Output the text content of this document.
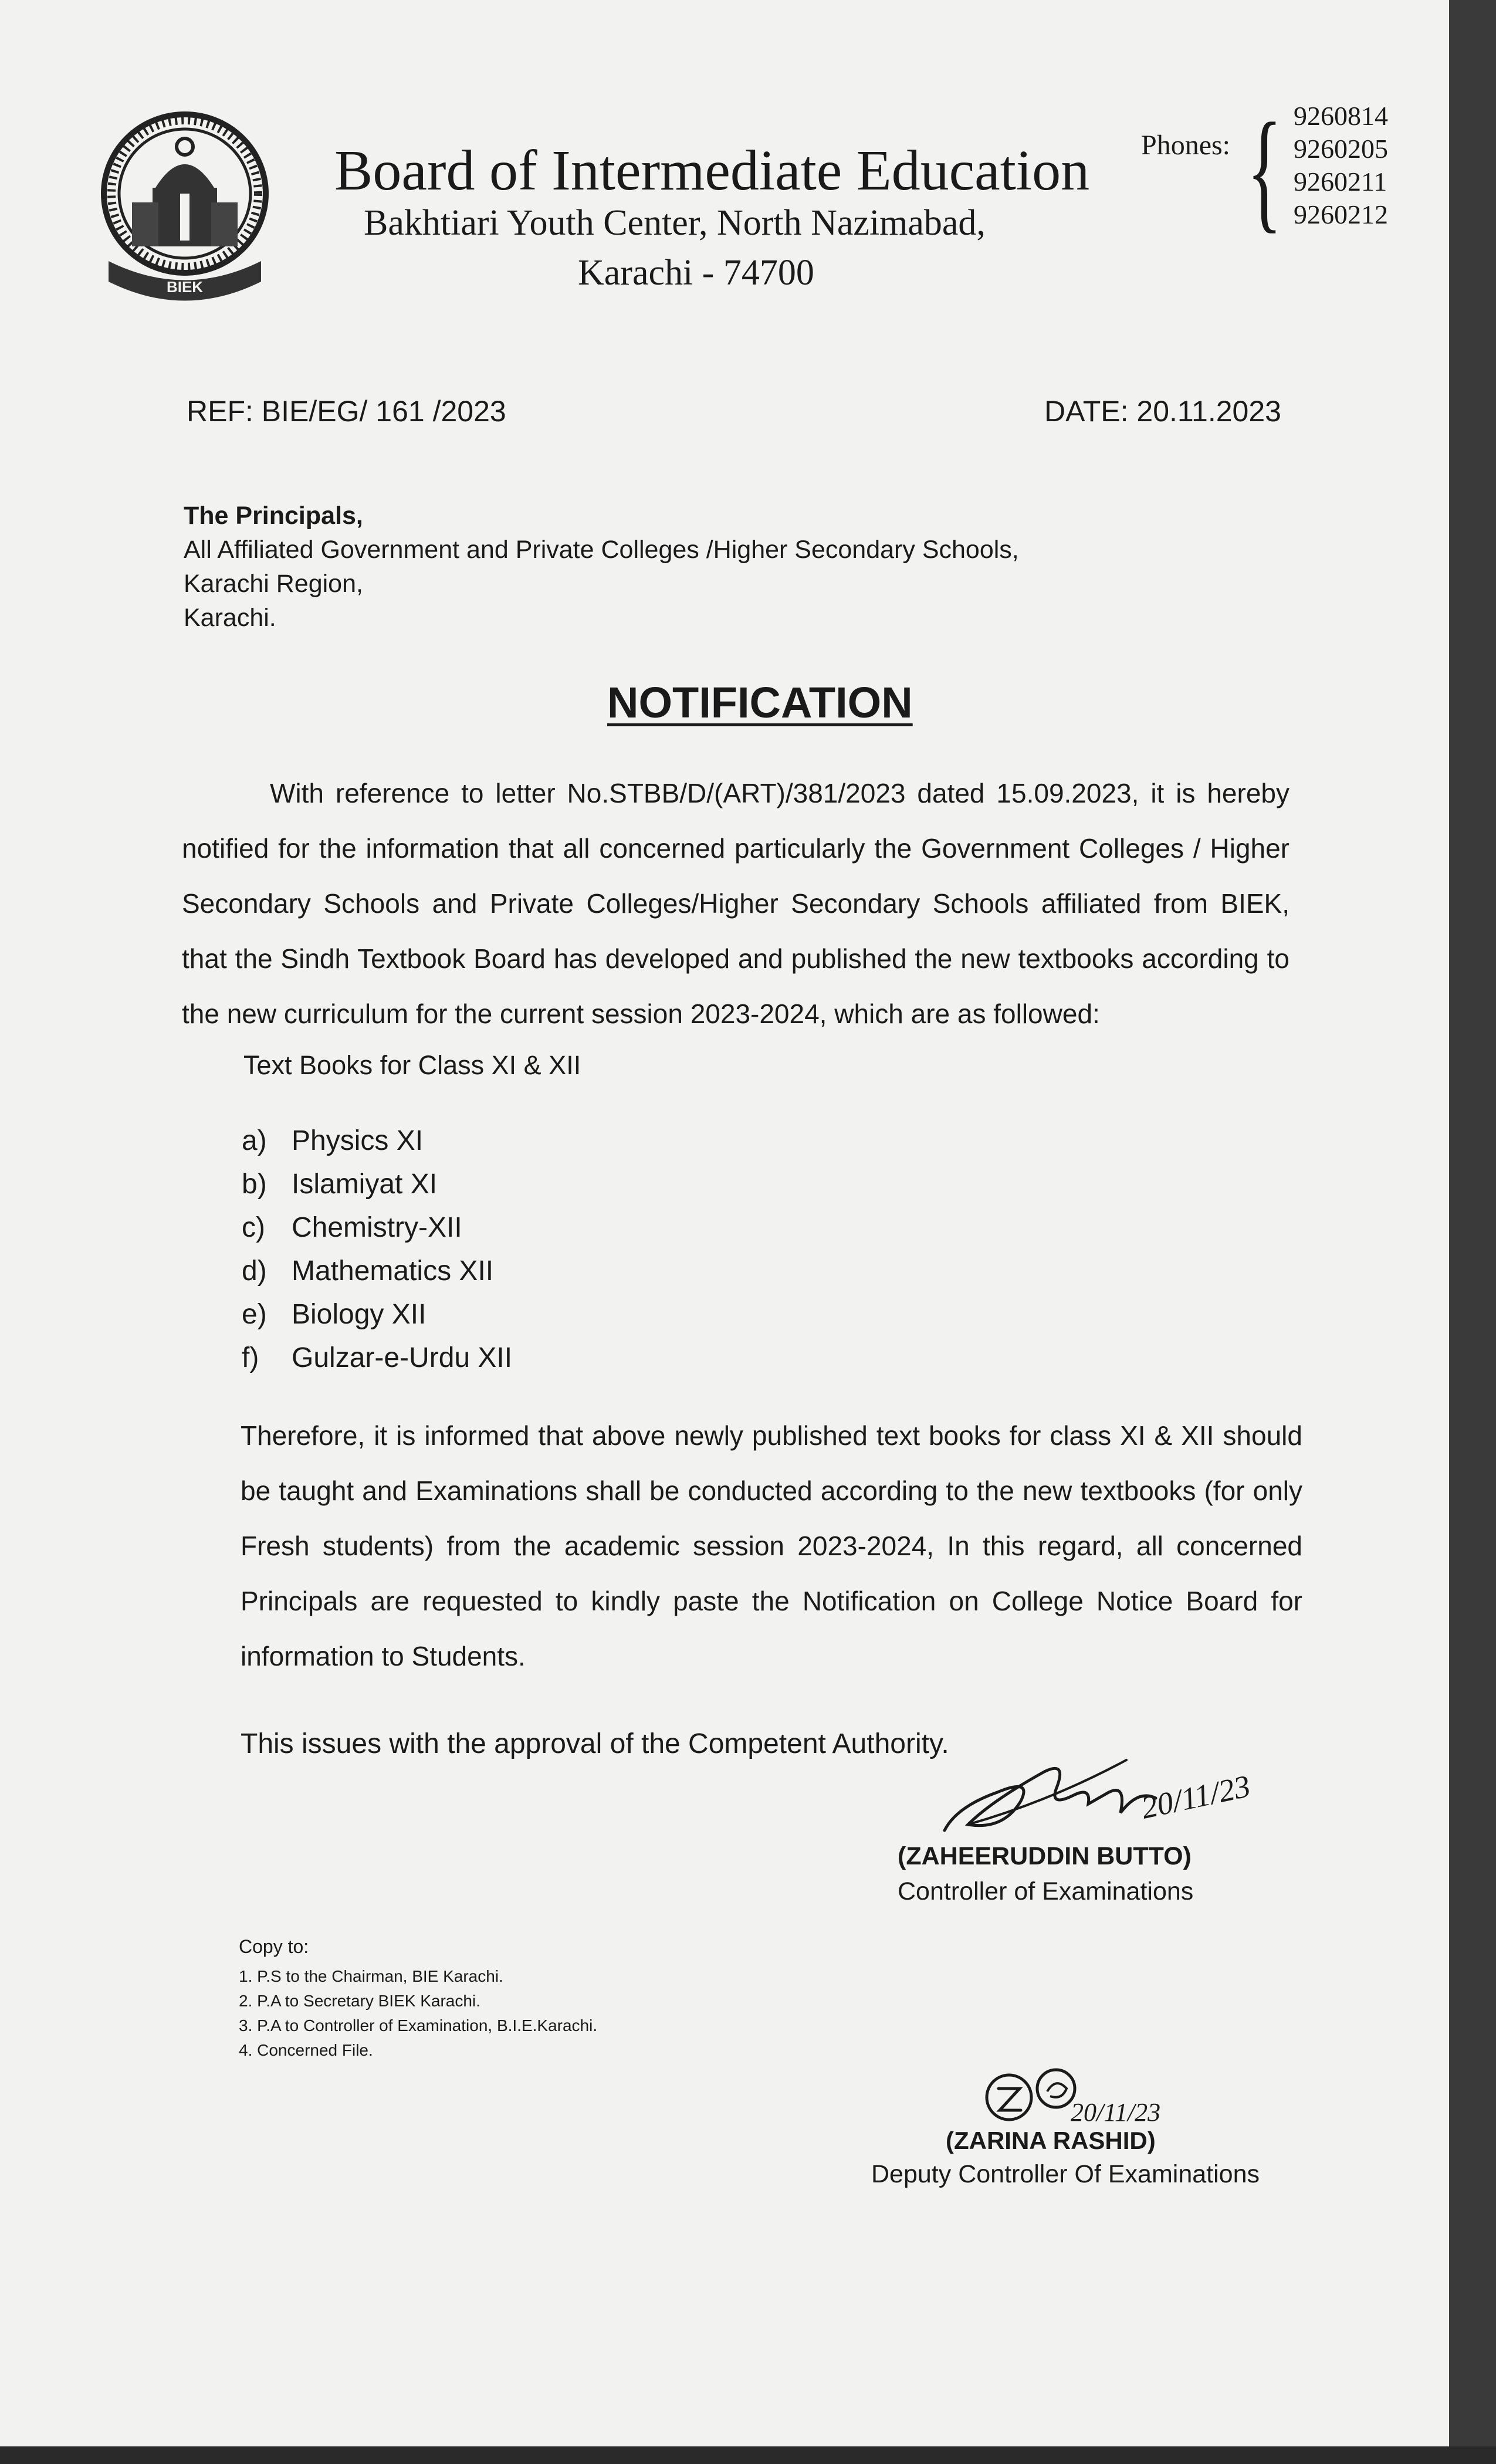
BIEK
Board of Intermediate Education
Bakhtiari Youth Center, North Nazimabad,
Karachi - 74700
Phones: { 9260814
9260205
9260211
9260212
REF: BIE/EG/ 161 /2023	DATE: 20.11.2023
The Principals,
All Affiliated Government and Private Colleges /Higher Secondary Schools,
Karachi Region,
Karachi.
NOTIFICATION
With reference to letter No.STBB/D/(ART)/381/2023 dated 15.09.2023, it is hereby notified for the information that all concerned particularly the Government Colleges / Higher Secondary Schools and Private Colleges/Higher Secondary Schools affiliated from BIEK, that the Sindh Textbook Board has developed and published the new textbooks according to the new curriculum for the current session 2023-2024, which are as followed:
Text Books for Class XI & XII
a) Physics XI
b) Islamiyat XI
c) Chemistry-XII
d) Mathematics XII
e) Biology XII
f) Gulzar-e-Urdu XII
Therefore, it is informed that above newly published text books for class XI & XII should be taught and Examinations shall be conducted according to the new textbooks (for only Fresh students) from the academic session 2023-2024, In this regard, all concerned Principals are requested to kindly paste the Notification on College Notice Board for information to Students.
This issues with the approval of the Competent Authority.
20/11/23
(ZAHEERUDDIN BUTTO)
Controller of Examinations
Copy to:
1. P.S to the Chairman, BIE Karachi.
2. P.A to Secretary BIEK Karachi.
3. P.A to Controller of Examination, B.I.E.Karachi.
4. Concerned File.
20/11/23
(ZARINA RASHID)
Deputy Controller Of Examinations
